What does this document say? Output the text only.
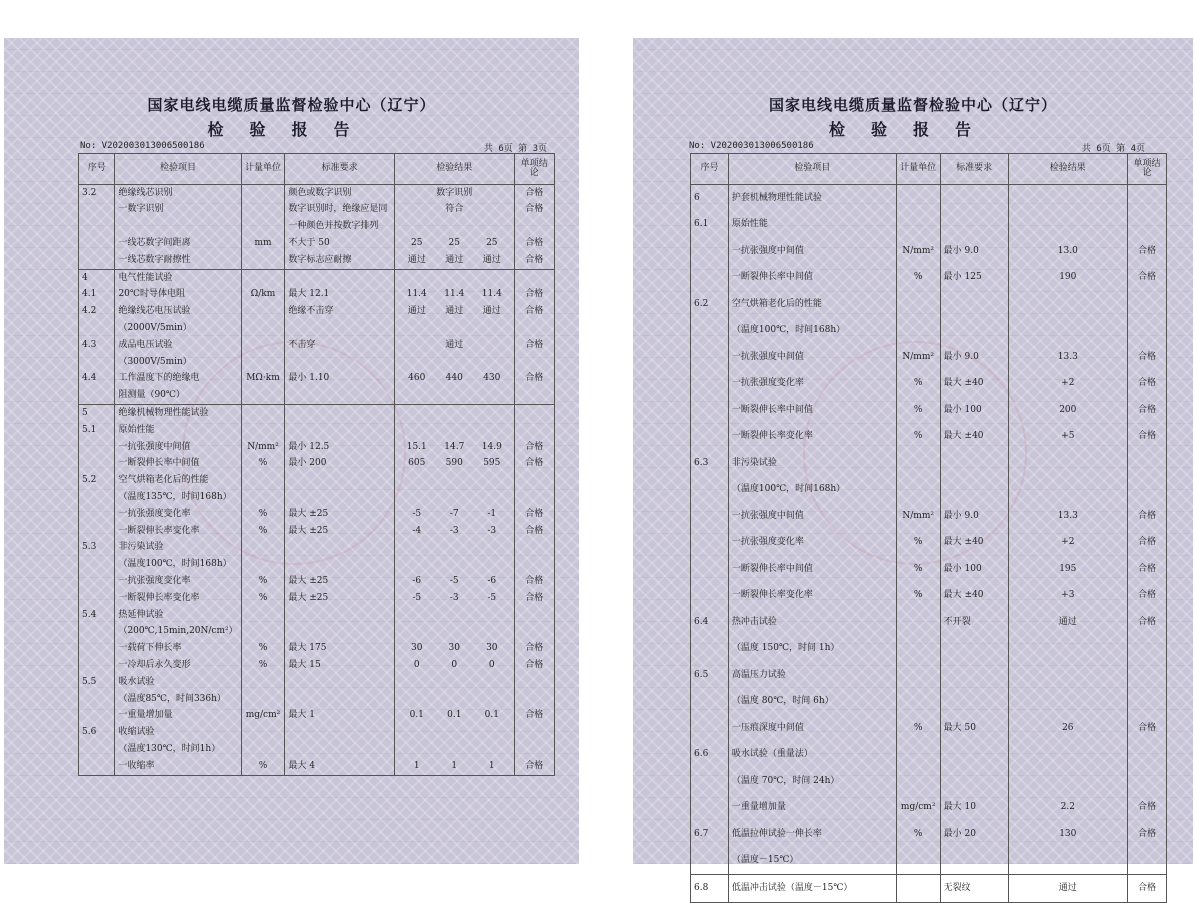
国家电线电缆质量监督检验中心（辽宁）
检验报告
No: V202003013006500186	共 6页 第 3页
序号	检验项目	计量单位	标准要求	检验结果	单项结论
3.2	绝缘线芯识别		颜色或数字识别	数字识别	合格
	一数字识别		数字识别时，绝缘应是同	符合	合格
			一种颜色并按数字排列	

	一线芯数字间距离	mm	不大于 50	25 25 25	合格
	一线芯数字耐擦性		数字标志应耐擦	通过 通过 通过	合格
4	电气性能试验			

4.1	20℃时导体电阻	Ω/km	最大 12.1	11.4 11.4 11.4	合格
4.2	绝缘线芯电压试验		绝缘不击穿	通过 通过 通过	合格
	（2000V/5min）			

4.3	成品电压试验		不击穿	通过	合格
	（3000V/5min）			

4.4	工作温度下的绝缘电	MΩ·km	最小 1.10	460 440 430	合格
	阻测量（90℃）			

5	绝缘机械物理性能试验			

5.1	原始性能			

	一抗张强度中间值	N/mm²	最小 12.5	15.1 14.7 14.9	合格
	一断裂伸长率中间值	%	最小 200	605 590 595	合格
5.2	空气烘箱老化后的性能			

	（温度135℃，时间168h）			

	一抗张强度变化率	%	最大 ±25	-5 -7 -1	合格
	一断裂伸长率变化率	%	最大 ±25	-4 -3 -3	合格
5.3	非污染试验			

	（温度100℃，时间168h）			

	一抗张强度变化率	%	最大 ±25	-6 -5 -6	合格
	一断裂伸长率变化率	%	最大 ±25	-5 -3 -5	合格
5.4	热延伸试验			

	（200℃,15min,20N/cm²）			

	一载荷下伸长率	%	最大 175	30 30 30	合格
	一冷却后永久变形	%	最大 15	0 0 0	合格
5.5	吸水试验			

	（温度85℃，时间336h）			

	一重量增加量	mg/cm²	最大 1	0.1 0.1 0.1	合格
5.6	收缩试验			

	（温度130℃，时间1h）			

	一收缩率	%	最大 4	1 1 1	合格
国家电线电缆质量监督检验中心（辽宁）
检验报告
No: V202003013006500186	共 6页 第 4页
序号	检验项目	计量单位	标准要求	检验结果	单项结论
6	护套机械物理性能试验			

6.1	原始性能			

	一抗张强度中间值	N/mm²	最小 9.0	13.0	合格
	一断裂伸长率中间值	%	最小 125	190	合格
6.2	空气烘箱老化后的性能			

	（温度100℃，时间168h）			

	一抗张强度中间值	N/mm²	最小 9.0	13.3	合格
	一抗张强度变化率	%	最大 ±40	+2	合格
	一断裂伸长率中间值	%	最小 100	200	合格
	一断裂伸长率变化率	%	最大 ±40	+5	合格
6.3	非污染试验			

	（温度100℃，时间168h）			

	一抗张强度中间值	N/mm²	最小 9.0	13.3	合格
	一抗张强度变化率	%	最大 ±40	+2	合格
	一断裂伸长率中间值	%	最小 100	195	合格
	一断裂伸长率变化率	%	最大 ±40	+3	合格
6.4	热冲击试验		不开裂	通过	合格
	（温度 150℃，时间 1h）			

6.5	高温压力试验			

	（温度 80℃，时间 6h）			

	一压痕深度中间值	%	最大 50	26	合格
6.6	吸水试验（重量法）			

	（温度 70℃，时间 24h）			

	一重量增加量	mg/cm²	最大 10	2.2	合格
6.7	低温拉伸试验一伸长率	%	最小 20	130	合格
	（温度－15℃）			

6.8	低温冲击试验（温度－15℃）		无裂纹	通过	合格
